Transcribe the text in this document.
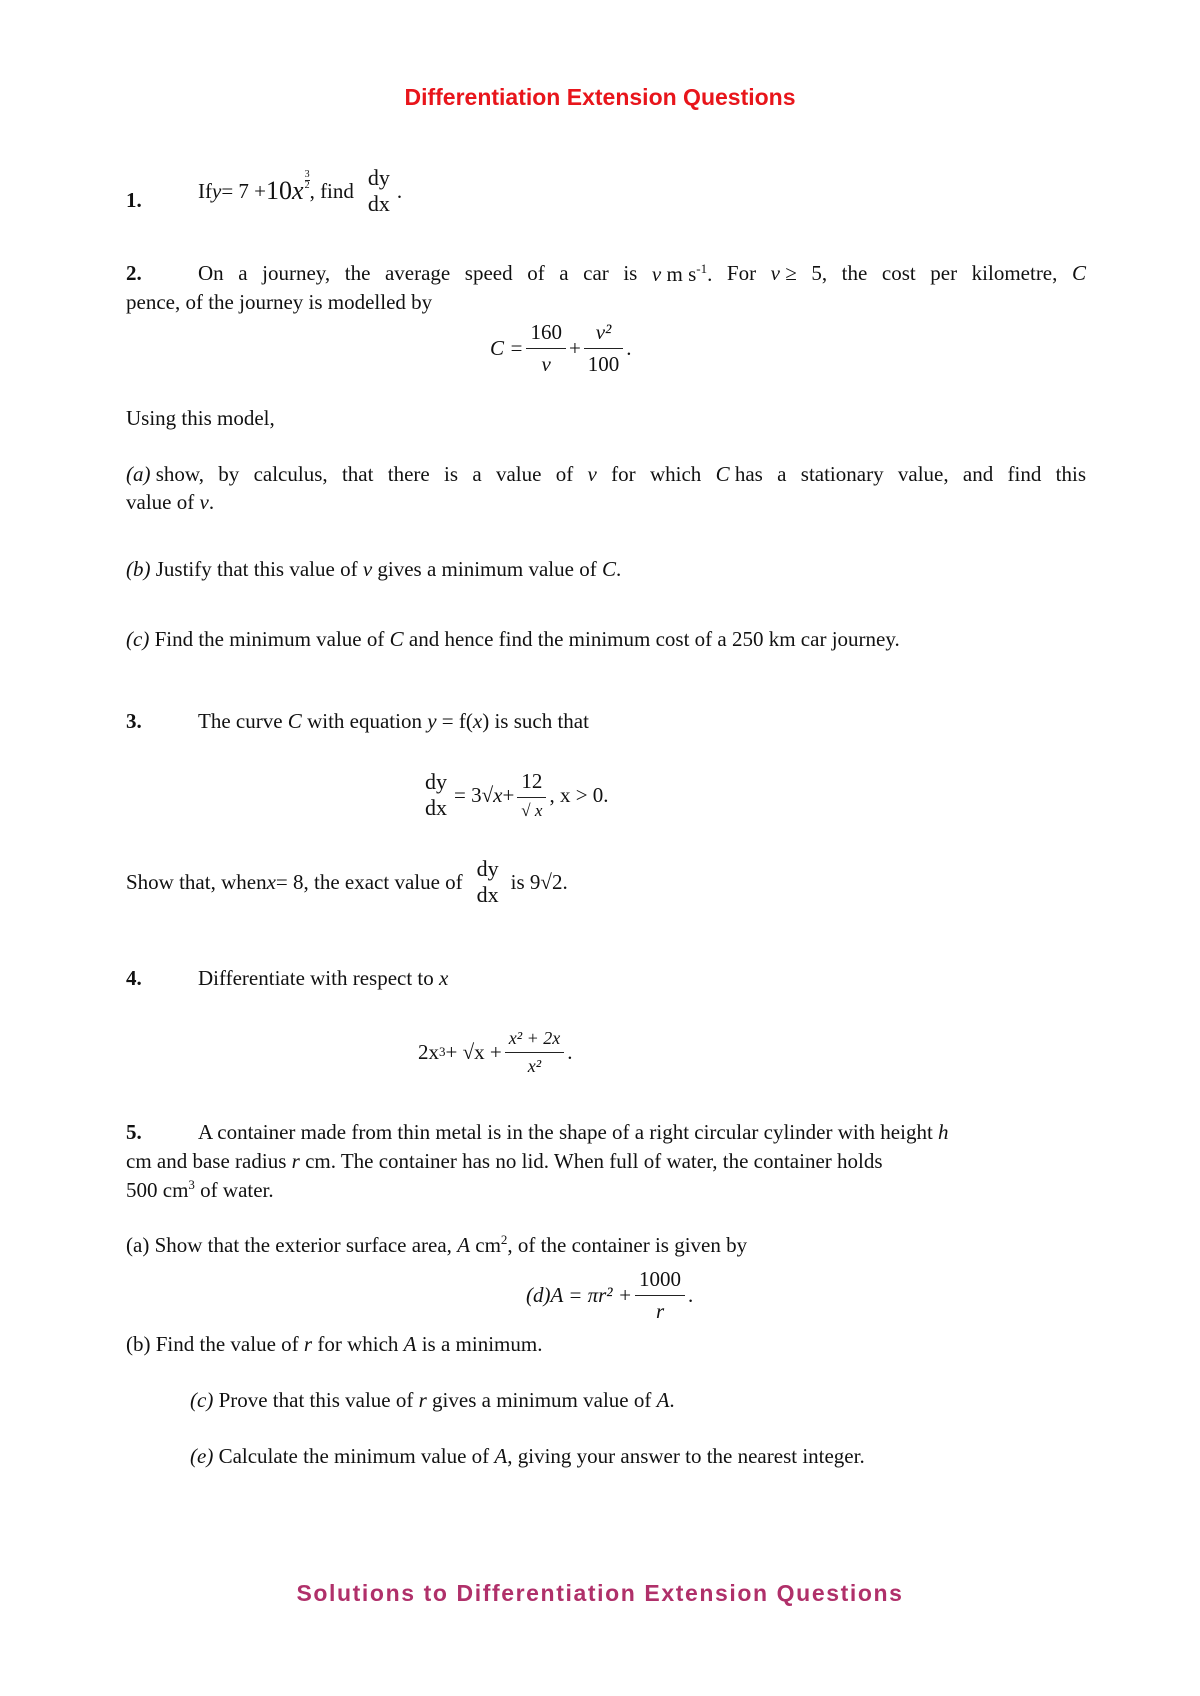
Differentiation Extension Questions
1.	If y = 7 + 10 x
3
2 , find
dy
dx
.
2.	On a journey, the average speed of a car is v m $s^{-1}$. For v ≥ 5, the cost per kilometre, C
pence, of the journey is modelled by
$C = \frac{160}{v} + \frac{\text{v²}}{100}$ .
Using this model,
(a) show, by calculus, that there is a value of v for which C has a stationary value, and find this
value of v.
(b) Justify that this value of v gives a minimum value of C.
(c) Find the minimum value of C and hence find the minimum cost of a 250 km car journey.
3.	The curve C with equation y = f(x) is such that
dy
dx
= 3√ $x + \frac{12}{√ x}$ , x > 0.
Show that, when x = 8, the exact value of
dy
dx
is 9√2.
4.	Differentiate with respect to x
2x $3 + √x + \frac{\text{x² + 2x}}{\text{x²}}$ .
5.	A container made from thin metal is in the shape of a right circular cylinder with height h
cm and base radius r cm. The container has no lid. When full of water, the container holds
500 $cm^3$ of water.
(a) Show that the exterior surface area, A $cm^2$, of the container is given by
(d) $A = \pi r^2 + \frac{1000}{r}$ .
(b) Find the value of r for which A is a minimum.
(c) Prove that this value of r gives a minimum value of A.
(e) Calculate the minimum value of A, giving your answer to the nearest integer.
Solutions to Differentiation Extension Questions
